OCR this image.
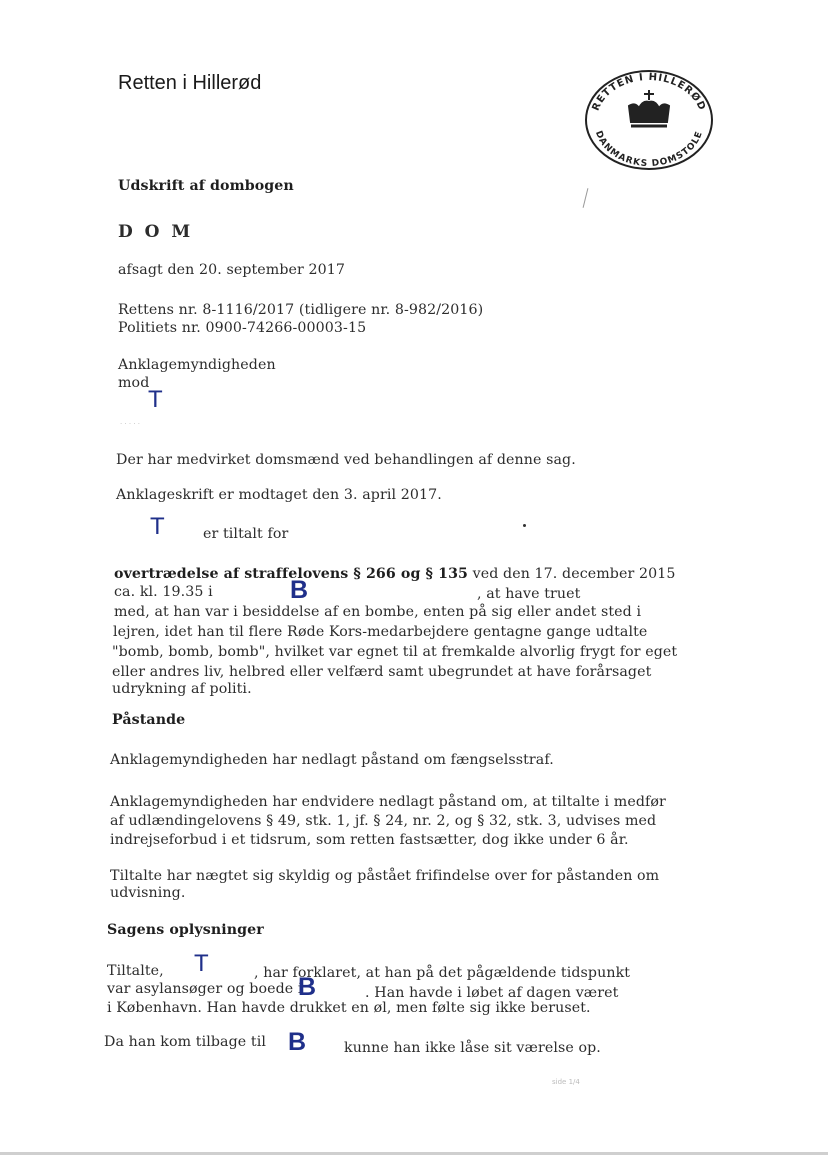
Retten i Hillerød
RETTEN I HILLERØD
DANMARKS DOMSTOLE
Udskrift af dombogen
D O M
afsagt den 20. september 2017
Rettens nr. 8-1116/2017 (tidligere nr. 8-982/2016)
Politiets nr. 0900-74266-00003-15
Anklagemyndigheden
mod
T
· · · · ·
Der har medvirket domsmænd ved behandlingen af denne sag.
Anklageskrift er modtaget den 3. april 2017.
T	er tiltalt for
overtrædelse af straffelovens § 266 og § 135 ved den 17. december 2015
ca. kl. 19.35 i	B	, at have truet
med, at han var i besiddelse af en bombe, enten på sig eller andet sted i
lejren, idet han til flere Røde Kors-medarbejdere gentagne gange udtalte
"bomb, bomb, bomb", hvilket var egnet til at fremkalde alvorlig frygt for eget
eller andres liv, helbred eller velfærd samt ubegrundet at have forårsaget
udrykning af politi.
Påstande
Anklagemyndigheden har nedlagt påstand om fængselsstraf.
Anklagemyndigheden har endvidere nedlagt påstand om, at tiltalte i medfør
af udlændingelovens § 49, stk. 1, jf. § 24, nr. 2, og § 32, stk. 3, udvises med
indrejseforbud i et tidsrum, som retten fastsætter, dog ikke under 6 år.
Tiltalte har nægtet sig skyldig og påstået frifindelse over for påstanden om
udvisning.
Sagens oplysninger
Tiltalte, T	, har forklaret, at han på det pågældende tidspunkt
var asylansøger og boede i
B	. Han havde i løbet af dagen været
i København. Han havde drukket en øl, men følte sig ikke beruset.
Da han kom tilbage til B	kunne han ikke låse sit værelse op.
side 1/4
